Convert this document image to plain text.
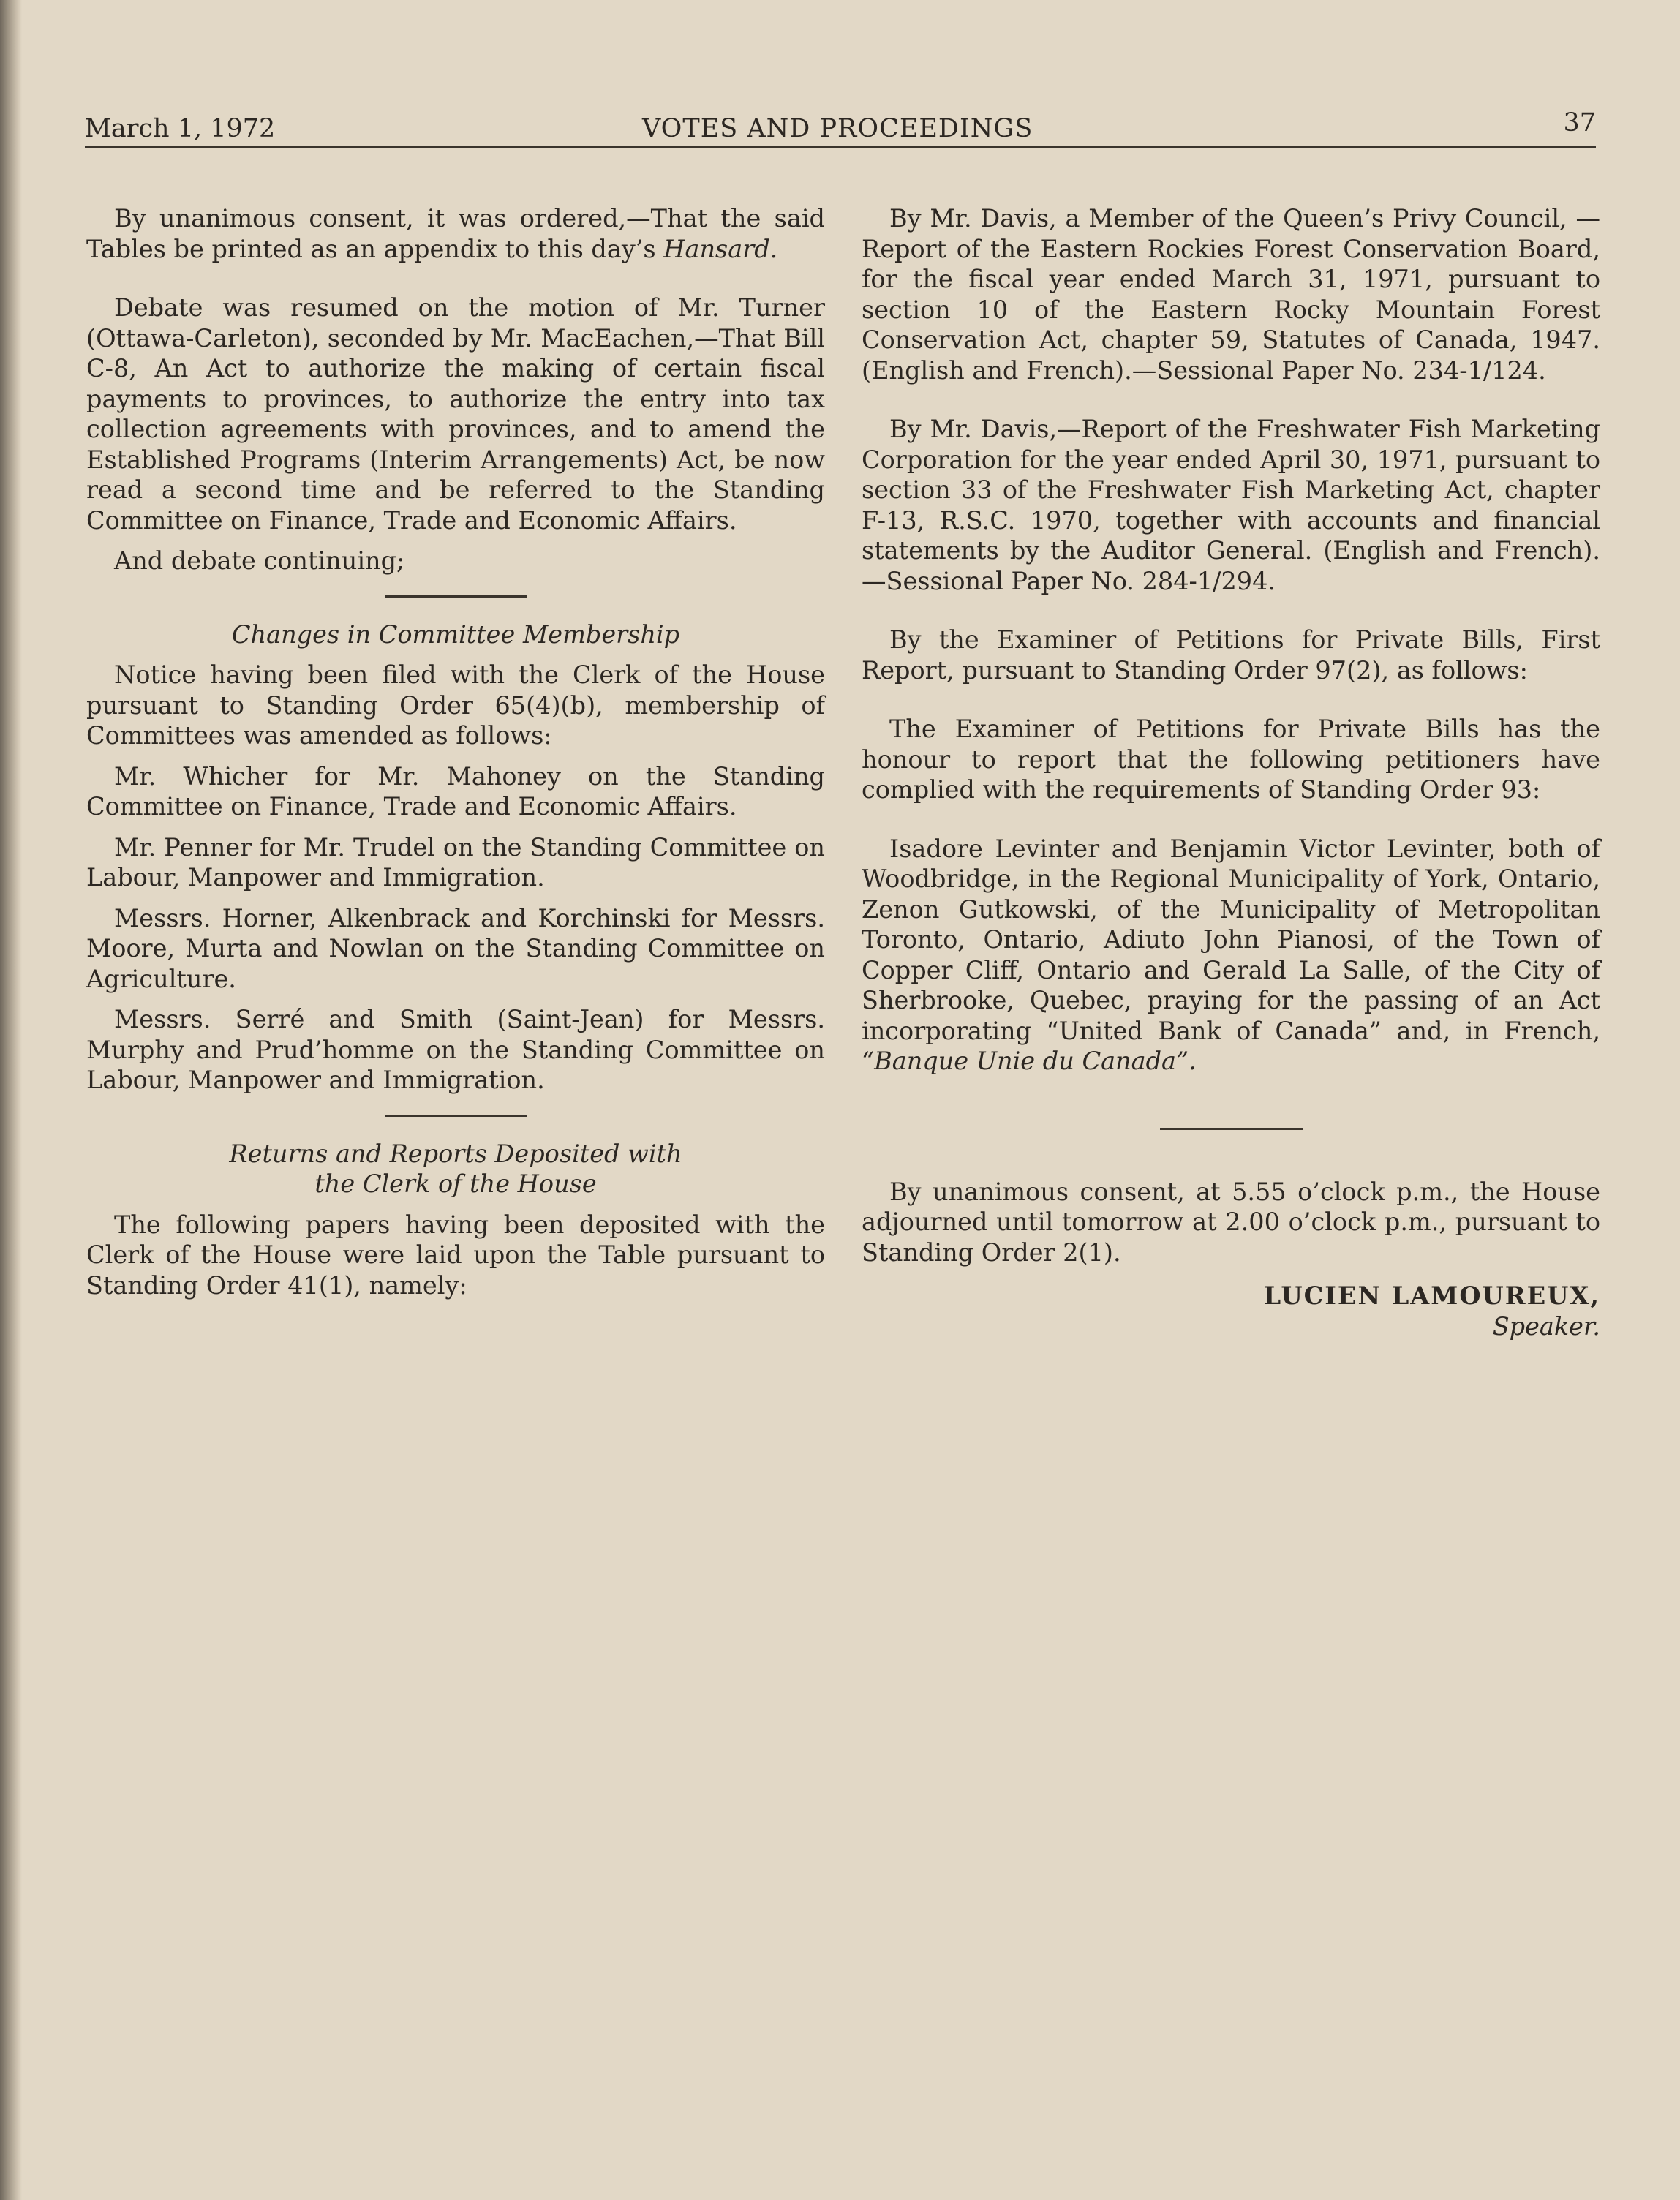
March 1, 1972	VOTES AND PROCEEDINGS	37

By unanimous consent, it was ordered,—That the said Tables be printed as an appendix to this day’s Hansard.

Debate was resumed on the motion of Mr. Turner (Ottawa-Carleton), seconded by Mr. MacEachen,—That Bill C-8, An Act to authorize the making of certain fiscal payments to provinces, to authorize the entry into tax collection agreements with provinces, and to amend the Established Programs (Interim Arrangements) Act, be now read a second time and be referred to the Standing Committee on Finance, Trade and Economic Affairs.

And debate continuing;

Changes in Committee Membership

Notice having been filed with the Clerk of the House pursuant to Standing Order 65(4)(b), membership of Committees was amended as follows:

Mr. Whicher for Mr. Mahoney on the Standing Committee on Finance, Trade and Economic Affairs.

Mr. Penner for Mr. Trudel on the Standing Committee on Labour, Manpower and Immigration.

Messrs. Horner, Alkenbrack and Korchinski for Messrs. Moore, Murta and Nowlan on the Standing Committee on Agriculture.

Messrs. Serré and Smith (Saint-Jean) for Messrs. Murphy and Prud’homme on the Standing Committee on Labour, Manpower and Immigration.

Returns and Reports Deposited with
the Clerk of the House

The following papers having been deposited with the Clerk of the House were laid upon the Table pursuant to Standing Order 41(1), namely:

By Mr. Davis, a Member of the Queen’s Privy Council, —Report of the Eastern Rockies Forest Conservation Board, for the fiscal year ended March 31, 1971, pursuant to section 10 of the Eastern Rocky Mountain Forest Conservation Act, chapter 59, Statutes of Canada, 1947. (English and French).—Sessional Paper No. 234-1/124.

By Mr. Davis,—Report of the Freshwater Fish Marketing Corporation for the year ended April 30, 1971, pursuant to section 33 of the Freshwater Fish Marketing Act, chapter F-13, R.S.C. 1970, together with accounts and financial statements by the Auditor General. (English and French).—Sessional Paper No. 284-1/294.

By the Examiner of Petitions for Private Bills, First Report, pursuant to Standing Order 97(2), as follows:

The Examiner of Petitions for Private Bills has the honour to report that the following petitioners have complied with the requirements of Standing Order 93:

Isadore Levinter and Benjamin Victor Levinter, both of Woodbridge, in the Regional Municipality of York, Ontario, Zenon Gutkowski, of the Municipality of Metropolitan Toronto, Ontario, Adiuto John Pianosi, of the Town of Copper Cliff, Ontario and Gerald La Salle, of the City of Sherbrooke, Quebec, praying for the passing of an Act incorporating “United Bank of Canada” and, in French, “Banque Unie du Canada”.

By unanimous consent, at 5.55 o’clock p.m., the House adjourned until tomorrow at 2.00 o’clock p.m., pursuant to Standing Order 2(1).

LUCIEN LAMOUREUX,
Speaker.
